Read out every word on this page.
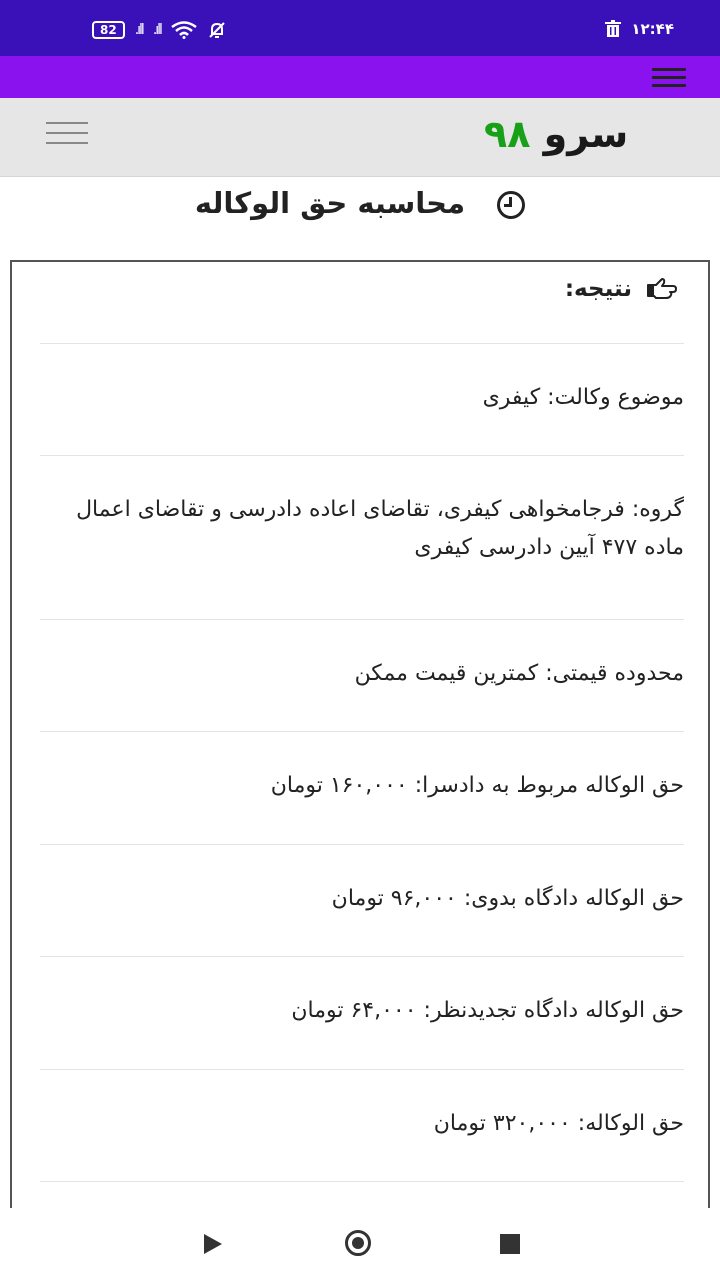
82	.ıll .ıll	۱۲:۴۴
سرو ۹۸
محاسبه حق الوکاله
نتیجه:
موضوع وکالت: کیفری
گروه: فرجامخواهی کیفری، تقاضای اعاده دادرسی و تقاضای اعمال ماده ۴۷۷ آیین دادرسی کیفری
محدوده قیمتی: کمترین قیمت ممکن
حق الوکاله مربوط به دادسرا: ۱۶۰,۰۰۰ تومان
حق الوکاله دادگاه بدوی: ۹۶,۰۰۰ تومان
حق الوکاله دادگاه تجدیدنظر: ۶۴,۰۰۰ تومان
حق الوکاله: ۳۲۰,۰۰۰ تومان
